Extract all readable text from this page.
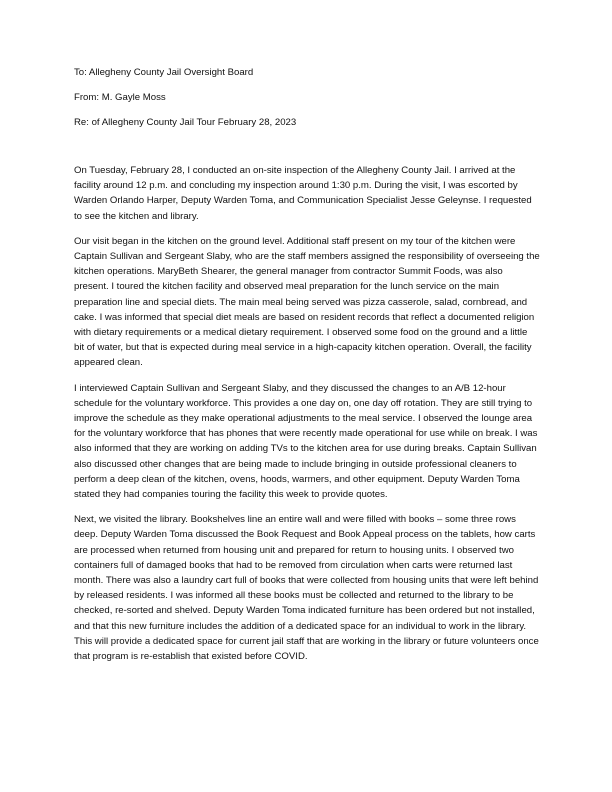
To: Allegheny County Jail Oversight Board

From: M. Gayle Moss

Re: of Allegheny County Jail Tour February 28, 2023

On Tuesday, February 28, I conducted an on-site inspection of the Allegheny County Jail. I arrived at the facility around 12 p.m. and concluding my inspection around 1:30 p.m. During the visit, I was escorted by Warden Orlando Harper, Deputy Warden Toma, and Communication Specialist Jesse Geleynse. I requested to see the kitchen and library.

Our visit began in the kitchen on the ground level. Additional staff present on my tour of the kitchen were Captain Sullivan and Sergeant Slaby, who are the staff members assigned the responsibility of overseeing the kitchen operations. MaryBeth Shearer, the general manager from contractor Summit Foods, was also present. I toured the kitchen facility and observed meal preparation for the lunch service on the main preparation line and special diets. The main meal being served was pizza casserole, salad, cornbread, and cake. I was informed that special diet meals are based on resident records that reflect a documented religion with dietary requirements or a medical dietary requirement. I observed some food on the ground and a little bit of water, but that is expected during meal service in a high-capacity kitchen operation. Overall, the facility appeared clean.

I interviewed Captain Sullivan and Sergeant Slaby, and they discussed the changes to an A/B 12-hour schedule for the voluntary workforce. This provides a one day on, one day off rotation. They are still trying to improve the schedule as they make operational adjustments to the meal service. I observed the lounge area for the voluntary workforce that has phones that were recently made operational for use while on break. I was also informed that they are working on adding TVs to the kitchen area for use during breaks. Captain Sullivan also discussed other changes that are being made to include bringing in outside professional cleaners to perform a deep clean of the kitchen, ovens, hoods, warmers, and other equipment. Deputy Warden Toma stated they had companies touring the facility this week to provide quotes.

Next, we visited the library. Bookshelves line an entire wall and were filled with books – some three rows deep. Deputy Warden Toma discussed the Book Request and Book Appeal process on the tablets, how carts are processed when returned from housing unit and prepared for return to housing units. I observed two containers full of damaged books that had to be removed from circulation when carts were returned last month. There was also a laundry cart full of books that were collected from housing units that were left behind by released residents. I was informed all these books must be collected and returned to the library to be checked, re-sorted and shelved. Deputy Warden Toma indicated furniture has been ordered but not installed, and that this new furniture includes the addition of a dedicated space for an individual to work in the library. This will provide a dedicated space for current jail staff that are working in the library or future volunteers once that program is re-establish that existed before COVID.
